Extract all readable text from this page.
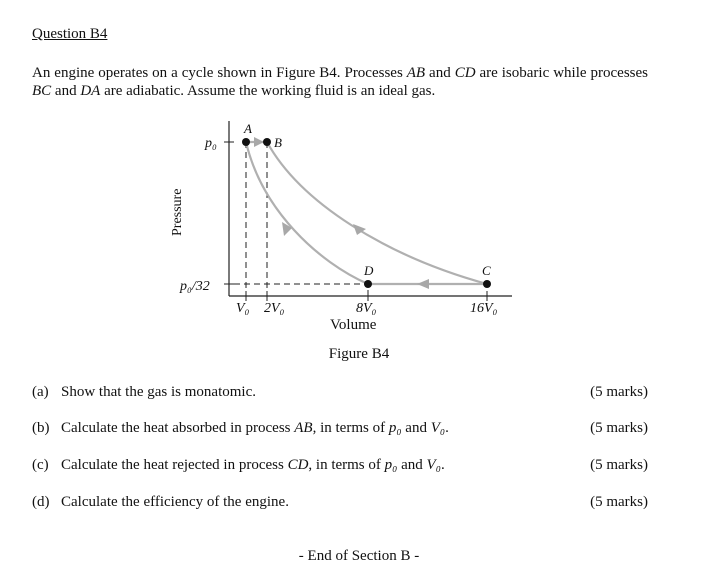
Question B4
An engine operates on a cycle shown in Figure B4. Processes AB and CD are isobaric while processes BC and DA are adiabatic. Assume the working fluid is an ideal gas.
A
B
C
D
p₀
p₀/32
V₀ 2V₀	8V₀	16V₀
Volume
Pressure
Figure B4
(a) Show that the gas is monatomic.	(5 marks)
(b) Calculate the heat absorbed in process AB, in terms of p₀ and V₀.	(5 marks)
(c) Calculate the heat rejected in process CD, in terms of p₀ and V₀.	(5 marks)
(d) Calculate the efficiency of the engine.	(5 marks)
- End of Section B -
